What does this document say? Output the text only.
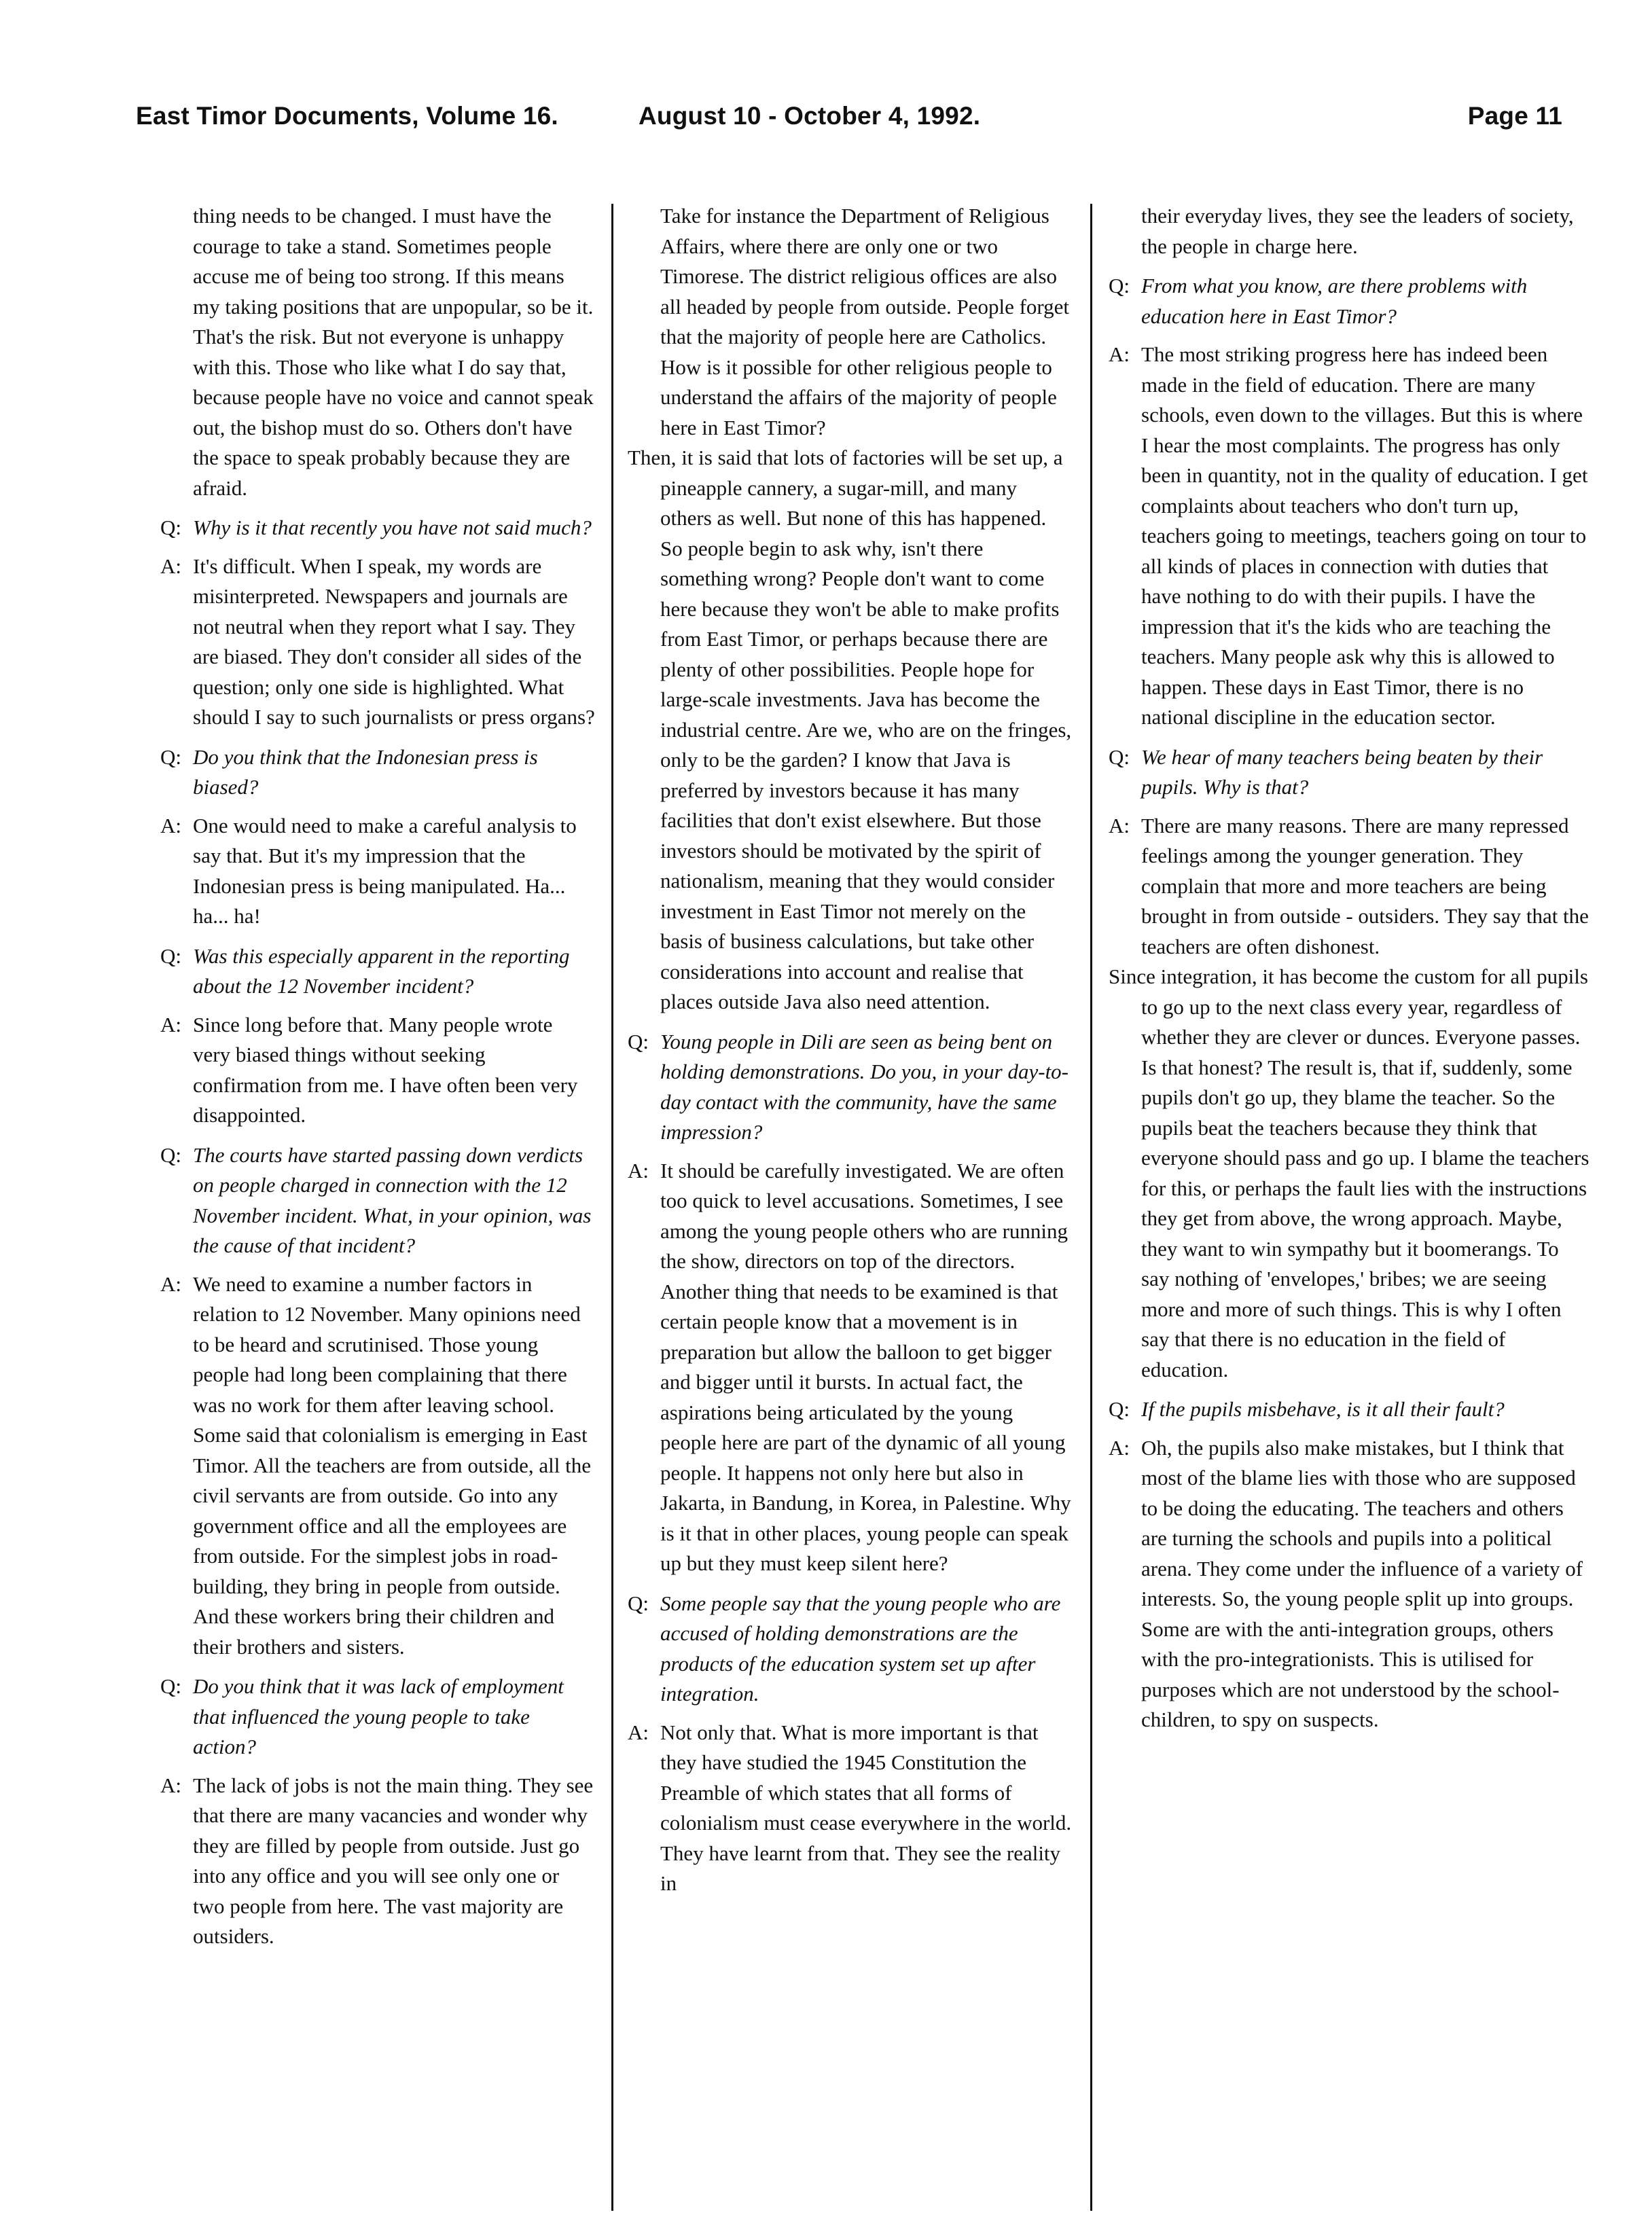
East Timor Documents, Volume 16.	August 10 - October 4, 1992.	Page 11
thing needs to be changed. I must have the courage to take a stand. Sometimes people accuse me of being too strong. If this means my taking positions that are unpopular, so be it. That's the risk. But not everyone is unhappy with this. Those who like what I do say that, because people have no voice and cannot speak out, the bishop must do so. Others don't have the space to speak probably because they are afraid.
Q: Why is it that recently you have not said much?
A: It's difficult. When I speak, my words are misinterpreted. Newspapers and journals are not neutral when they report what I say. They are biased. They don't consider all sides of the question; only one side is highlighted. What should I say to such journalists or press organs?
Q: Do you think that the Indonesian press is biased?
A: One would need to make a careful analysis to say that. But it's my impression that the Indonesian press is being manipulated. Ha... ha... ha!
Q: Was this especially apparent in the reporting about the 12 November incident?
A: Since long before that. Many people wrote very biased things without seeking confirmation from me. I have often been very disappointed.
Q: The courts have started passing down verdicts on people charged in connection with the 12 November incident. What, in your opinion, was the cause of that incident?
A: We need to examine a number factors in relation to 12 November. Many opinions need to be heard and scrutinised. Those young people had long been complaining that there was no work for them after leaving school. Some said that colonialism is emerging in East Timor. All the teachers are from outside, all the civil servants are from outside. Go into any government office and all the employees are from outside. For the simplest jobs in road-building, they bring in people from outside. And these workers bring their children and their brothers and sisters.
Q: Do you think that it was lack of employment that influenced the young people to take action?
A: The lack of jobs is not the main thing. They see that there are many vacancies and wonder why they are filled by people from outside. Just go into any office and you will see only one or two people from here. The vast majority are outsiders.
Take for instance the Department of Religious Affairs, where there are only one or two Timorese. The district religious offices are also all headed by people from outside. People forget that the majority of people here are Catholics. How is it possible for other religious people to understand the affairs of the majority of people here in East Timor?
Then, it is said that lots of factories will be set up, a pineapple cannery, a sugar-mill, and many others as well. But none of this has happened. So people begin to ask why, isn't there something wrong? People don't want to come here because they won't be able to make profits from East Timor, or perhaps because there are plenty of other possibilities. People hope for large-scale investments. Java has become the industrial centre. Are we, who are on the fringes, only to be the garden? I know that Java is preferred by investors because it has many facilities that don't exist elsewhere. But those investors should be motivated by the spirit of nationalism, meaning that they would consider investment in East Timor not merely on the basis of business calculations, but take other considerations into account and realise that places outside Java also need attention.
Q: Young people in Dili are seen as being bent on holding demonstrations. Do you, in your day-to-day contact with the community, have the same impression?
A: It should be carefully investigated. We are often too quick to level accusations. Sometimes, I see among the young people others who are running the show, directors on top of the directors. Another thing that needs to be examined is that certain people know that a movement is in preparation but allow the balloon to get bigger and bigger until it bursts. In actual fact, the aspirations being articulated by the young people here are part of the dynamic of all young people. It happens not only here but also in Jakarta, in Bandung, in Korea, in Palestine. Why is it that in other places, young people can speak up but they must keep silent here?
Q: Some people say that the young people who are accused of holding demonstrations are the products of the education system set up after integration.
A: Not only that. What is more important is that they have studied the 1945 Constitution the Preamble of which states that all forms of colonialism must cease everywhere in the world. They have learnt from that. They see the reality in
their everyday lives, they see the leaders of society, the people in charge here.
Q: From what you know, are there problems with education here in East Timor?
A: The most striking progress here has indeed been made in the field of education. There are many schools, even down to the villages. But this is where I hear the most complaints. The progress has only been in quantity, not in the quality of education. I get complaints about teachers who don't turn up, teachers going to meetings, teachers going on tour to all kinds of places in connection with duties that have nothing to do with their pupils. I have the impression that it's the kids who are teaching the teachers. Many people ask why this is allowed to happen. These days in East Timor, there is no national discipline in the education sector.
Q: We hear of many teachers being beaten by their pupils. Why is that?
A: There are many reasons. There are many repressed feelings among the younger generation. They complain that more and more teachers are being brought in from outside - outsiders. They say that the teachers are often dishonest.
Since integration, it has become the custom for all pupils to go up to the next class every year, regardless of whether they are clever or dunces. Everyone passes. Is that honest? The result is, that if, suddenly, some pupils don't go up, they blame the teacher. So the pupils beat the teachers because they think that everyone should pass and go up. I blame the teachers for this, or perhaps the fault lies with the instructions they get from above, the wrong approach. Maybe, they want to win sympathy but it boomerangs. To say nothing of 'envelopes,' bribes; we are seeing more and more of such things. This is why I often say that there is no education in the field of education.
Q: If the pupils misbehave, is it all their fault?
A: Oh, the pupils also make mistakes, but I think that most of the blame lies with those who are supposed to be doing the educating. The teachers and others are turning the schools and pupils into a political arena. They come under the influence of a variety of interests. So, the young people split up into groups. Some are with the anti-integration groups, others with the pro-integrationists. This is utilised for purposes which are not understood by the school-children, to spy on suspects.
